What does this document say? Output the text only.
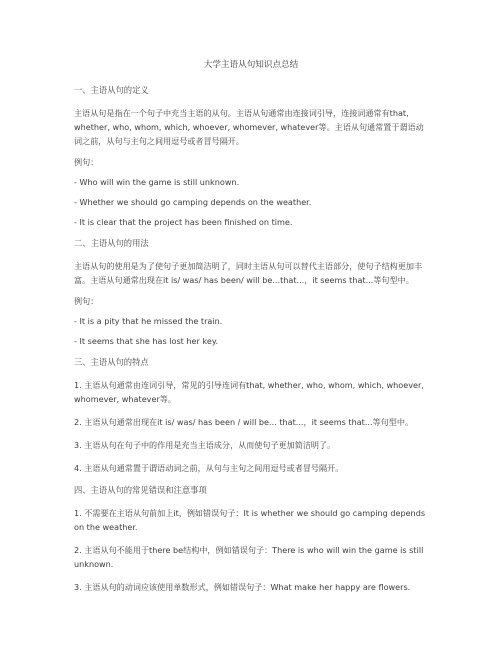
大学主语从句知识点总结
一、主语从句的定义

主语从句是指在一个句子中充当主语的从句。主语从句通常由连接词引导，连接词通常有that, whether, who, whom, which, whoever, whomever, whatever等。主语从句通常置于谓语动词之前，从句与主句之间用逗号或者冒号隔开。

例句：

- Who will win the game is still unknown.

- Whether we should go camping depends on the weather.

- It is clear that the project has been finished on time.

二、主语从句的用法

主语从句的使用是为了使句子更加简洁明了，同时主语从句可以替代主语部分，使句子结构更加丰富。主语从句通常出现在it is/ was/ has been/ will be...that...，it seems that...等句型中。

例句：

- It is a pity that he missed the train.

- It seems that she has lost her key.

三、主语从句的特点

1. 主语从句通常由连词引导，常见的引导连词有that, whether, who, whom, which, whoever, whomever, whatever等。

2. 主语从句通常出现在it is/ was/ has been / will be... that...，it seems that...等句型中。

3. 主语从句在句子中的作用是充当主语成分，从而使句子更加简洁明了。

4. 主语从句通常置于谓语动词之前，从句与主句之间用逗号或者冒号隔开。

四、主语从句的常见错误和注意事项

1. 不需要在主语从句前加上it，例如错误句子：It is whether we should go camping depends on the weather.

2. 主语从句不能用于there be结构中，例如错误句子：There is who will win the game is still unknown.

3. 主语从句的动词应该使用单数形式，例如错误句子：What make her happy are flowers.
